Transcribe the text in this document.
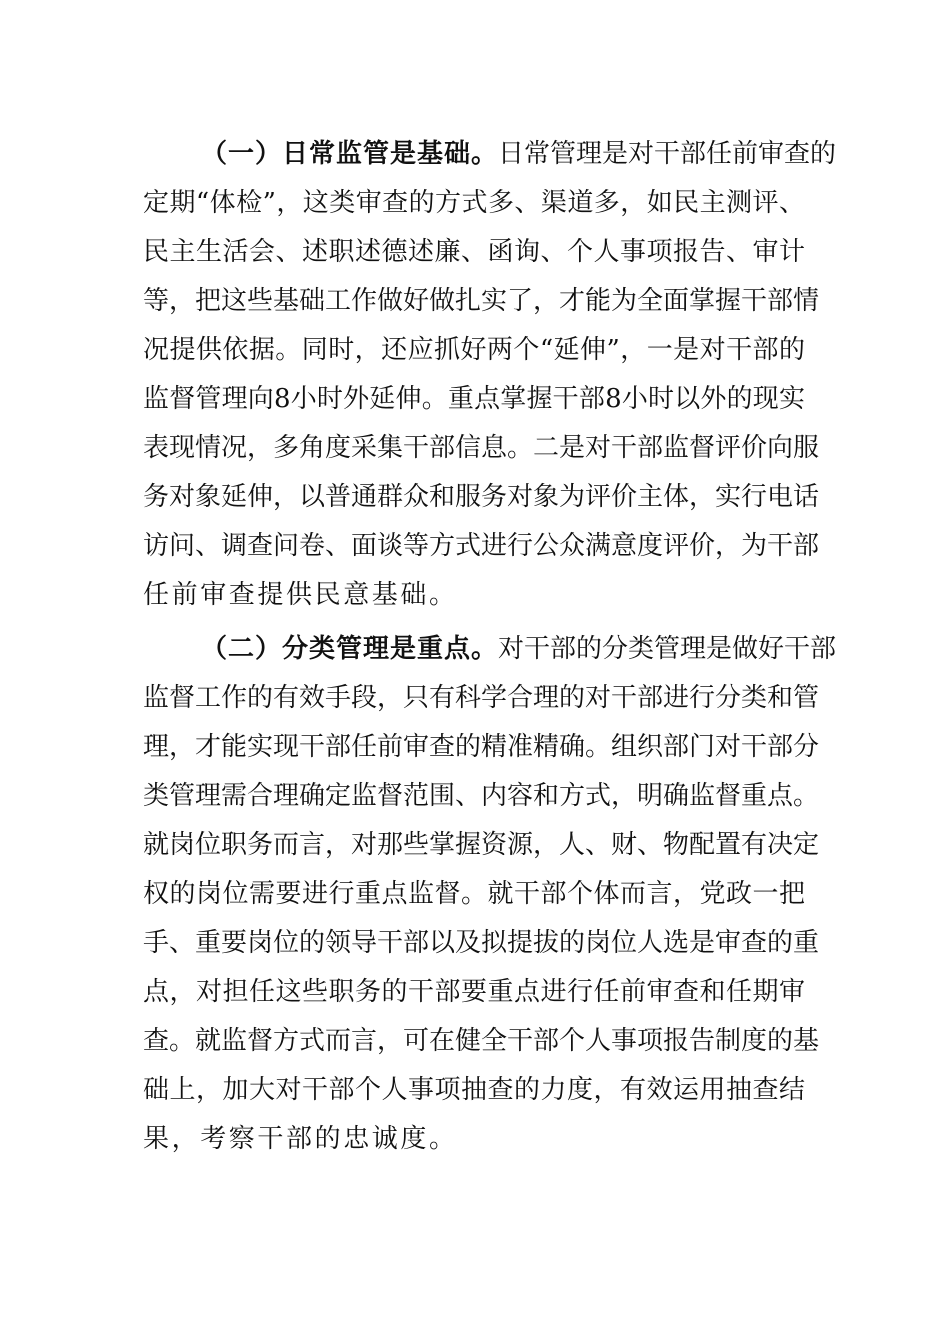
（一）日常监管是基础。日常管理是对干部任前审查的
定期“体检”，这类审查的方式多、渠道多，如民主测评、
民主生活会、述职述德述廉、函询、个人事项报告、审计
等，把这些基础工作做好做扎实了，才能为全面掌握干部情
况提供依据。同时，还应抓好两个“延伸”，一是对干部的
监督管理向8小时外延伸。重点掌握干部8小时以外的现实
表现情况，多角度采集干部信息。二是对干部监督评价向服
务对象延伸，以普通群众和服务对象为评价主体，实行电话
访问、调查问卷、面谈等方式进行公众满意度评价，为干部
任前审查提供民意基础。
（二）分类管理是重点。对干部的分类管理是做好干部
监督工作的有效手段，只有科学合理的对干部进行分类和管
理，才能实现干部任前审查的精准精确。组织部门对干部分
类管理需合理确定监督范围、内容和方式，明确监督重点。
就岗位职务而言，对那些掌握资源，人、财、物配置有决定
权的岗位需要进行重点监督。就干部个体而言，党政一把
手、重要岗位的领导干部以及拟提拔的岗位人选是审查的重
点，对担任这些职务的干部要重点进行任前审查和任期审
查。就监督方式而言，可在健全干部个人事项报告制度的基
础上，加大对干部个人事项抽查的力度，有效运用抽查结
果，考察干部的忠诚度。
